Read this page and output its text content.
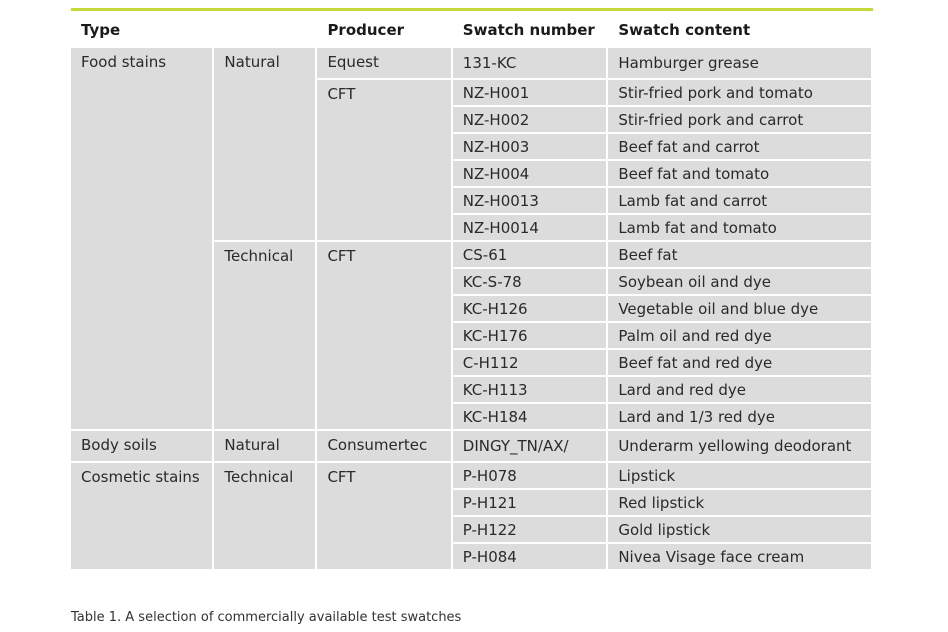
Type		Producer	Swatch number	Swatch content
Food stains	Natural	Equest	131-KC	Hamburger grease
		CFT	NZ-H001	Stir-fried pork and tomato
			NZ-H002	Stir-fried pork and carrot
			NZ-H003	Beef fat and carrot
			NZ-H004	Beef fat and tomato
			NZ-H0013	Lamb fat and carrot
			NZ-H0014	Lamb fat and tomato
	Technical	CFT	CS-61	Beef fat
			KC-S-78	Soybean oil and dye
			KC-H126	Vegetable oil and blue dye
			KC-H176	Palm oil and red dye
			C-H112	Beef fat and red dye
			KC-H113	Lard and red dye
			KC-H184	Lard and 1/3 red dye
Body soils	Natural	Consumertec	DINGY_TN/AX/	Underarm yellowing deodorant
Cosmetic stains	Technical	CFT	P-H078	Lipstick
			P-H121	Red lipstick
			P-H122	Gold lipstick
			P-H084	Nivea Visage face cream
Table 1. A selection of commercially available test swatches
